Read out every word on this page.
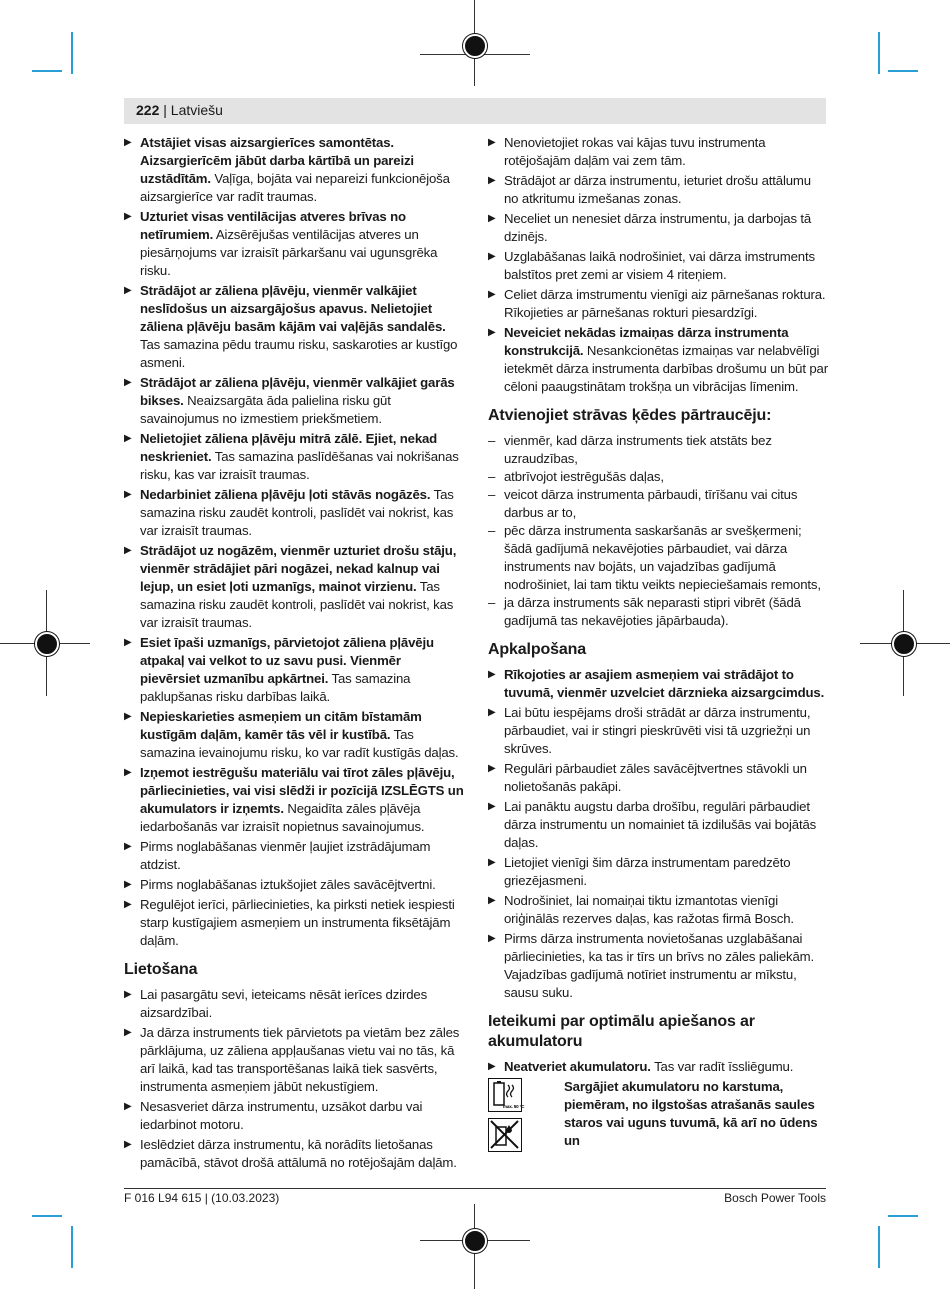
222 | Latviešu
▶ Atstājiet visas aizsargierīces samontētas. Aizsargierīcēm jābūt darba kārtībā un pareizi uzstādītām. Vaļīga, bojāta vai nepareizi funkcionējoša aizsargierīce var radīt traumas.
▶ Uzturiet visas ventilācijas atveres brīvas no netīrumiem. Aizsērējušas ventilācijas atveres un piesārņojums var izraisīt pārkaršanu vai ugunsgrēka risku.
▶ Strādājot ar zāliena pļāvēju, vienmēr valkājiet neslīdošus un aizsargājošus apavus. Nelietojiet zāliena pļāvēju basām kājām vai vaļējās sandalēs. Tas samazina pēdu traumu risku, saskaroties ar kustīgo asmeni.
▶ Strādājot ar zāliena pļāvēju, vienmēr valkājiet garās bikses. Neaizsargāta āda palielina risku gūt savainojumus no izmestiem priekšmetiem.
▶ Nelietojiet zāliena pļāvēju mitrā zālē. Ejiet, nekad neskrieniet. Tas samazina paslīdēšanas vai nokrišanas risku, kas var izraisīt traumas.
▶ Nedarbiniet zāliena pļāvēju ļoti stāvās nogāzēs. Tas samazina risku zaudēt kontroli, paslīdēt vai nokrist, kas var izraisīt traumas.
▶ Strādājot uz nogāzēm, vienmēr uzturiet drošu stāju, vienmēr strādājiet pāri nogāzei, nekad kalnup vai lejup, un esiet ļoti uzmanīgs, mainot virzienu. Tas samazina risku zaudēt kontroli, paslīdēt vai nokrist, kas var izraisīt traumas.
▶ Esiet īpaši uzmanīgs, pārvietojot zāliena pļāvēju atpakaļ vai velkot to uz savu pusi. Vienmēr pievērsiet uzmanību apkārtnei. Tas samazina paklupšanas risku darbības laikā.
▶ Nepieskarieties asmeņiem un citām bīstamām kustīgām daļām, kamēr tās vēl ir kustībā. Tas samazina ievainojumu risku, ko var radīt kustīgās daļas.
▶ Izņemot iestrēgušu materiālu vai tīrot zāles pļāvēju, pārliecinieties, vai visi slēdži ir pozīcijā IZSLĒGTS un akumulators ir izņemts. Negaidīta zāles pļāvēja iedarbošanās var izraisīt nopietnus savainojumus.
▶ Pirms noglabāšanas vienmēr ļaujiet izstrādājumam atdzist.
▶ Pirms noglabāšanas iztukšojiet zāles savācējtvertni.
▶ Regulējot ierīci, pārliecinieties, ka pirksti netiek iespiesti starp kustīgajiem asmeņiem un instrumenta fiksētājām daļām.
Lietošana
▶ Lai pasargātu sevi, ieteicams nēsāt ierīces dzirdes aizsardzībai.
▶ Ja dārza instruments tiek pārvietots pa vietām bez zāles pārklājuma, uz zāliena appļaušanas vietu vai no tās, kā arī laikā, kad tas transportēšanas laikā tiek sasvērts, instrumenta asmeņiem jābūt nekustīgiem.
▶ Nesasveriet dārza instrumentu, uzsākot darbu vai iedarbinot motoru.
▶ Ieslēdziet dārza instrumentu, kā norādīts lietošanas pamācībā, stāvot drošā attālumā no rotējošajām daļām.
▶ Nenovietojiet rokas vai kājas tuvu instrumenta rotējošajām daļām vai zem tām.
▶ Strādājot ar dārza instrumentu, ieturiet drošu attālumu no atkritumu izmešanas zonas.
▶ Neceliet un nenesiet dārza instrumentu, ja darbojas tā dzinējs.
▶ Uzglabāšanas laikā nodrošiniet, vai dārza imstruments balstītos pret zemi ar visiem 4 riteņiem.
▶ Celiet dārza imstrumentu vienīgi aiz pārnešanas roktura. Rīkojieties ar pārnešanas rokturi piesardzīgi.
▶ Neveiciet nekādas izmaiņas dārza instrumenta konstrukcijā. Nesankcionētas izmaiņas var nelabvēlīgi ietekmēt dārza instrumenta darbības drošumu un būt par cēloni paaugstinātam trokšņa un vibrācijas līmenim.
Atvienojiet strāvas ķēdes pārtraucēju:
– vienmēr, kad dārza instruments tiek atstāts bez uzraudzības,
– atbrīvojot iestrēgušās daļas,
– veicot dārza instrumenta pārbaudi, tīrīšanu vai citus darbus ar to,
– pēc dārza instrumenta saskaršanās ar svešķermeni; šādā gadījumā nekavējoties pārbaudiet, vai dārza instruments nav bojāts, un vajadzības gadījumā nodrošiniet, lai tam tiktu veikts nepieciešamais remonts,
– ja dārza instruments sāk neparasti stipri vibrēt (šādā gadījumā tas nekavējoties jāpārbauda).
Apkalpošana
▶ Rīkojoties ar asajiem asmeņiem vai strādājot to tuvumā, vienmēr uzvelciet dārznieka aizsargcimdus.
▶ Lai būtu iespējams droši strādāt ar dārza instrumentu, pārbaudiet, vai ir stingri pieskrūvēti visi tā uzgriežņi un skrūves.
▶ Regulāri pārbaudiet zāles savācējtvertnes stāvokli un nolietošanās pakāpi.
▶ Lai panāktu augstu darba drošību, regulāri pārbaudiet dārza instrumentu un nomainiet tā izdilušās vai bojātās daļas.
▶ Lietojiet vienīgi šim dārza instrumentam paredzēto griezējasmeni.
▶ Nodrošiniet, lai nomaiņai tiktu izmantotas vienīgi oriģinālās rezerves daļas, kas ražotas firmā Bosch.
▶ Pirms dārza instrumenta novietošanas uzglabāšanai pārliecinieties, ka tas ir tīrs un brīvs no zāles paliekām. Vajadzības gadījumā notīriet instrumentu ar mīkstu, sausu suku.
Ieteikumi par optimālu apiešanos ar akumulatoru
▶ Neatveriet akumulatoru. Tas var radīt īssliēgumu.
max. 50 °C
Sargājiet akumulatoru no karstuma, piemēram, no ilgstošas atrašanās saules staros vai uguns tuvumā, kā arī no ūdens un
F 016 L94 615 | (10.03.2023)	Bosch Power Tools
